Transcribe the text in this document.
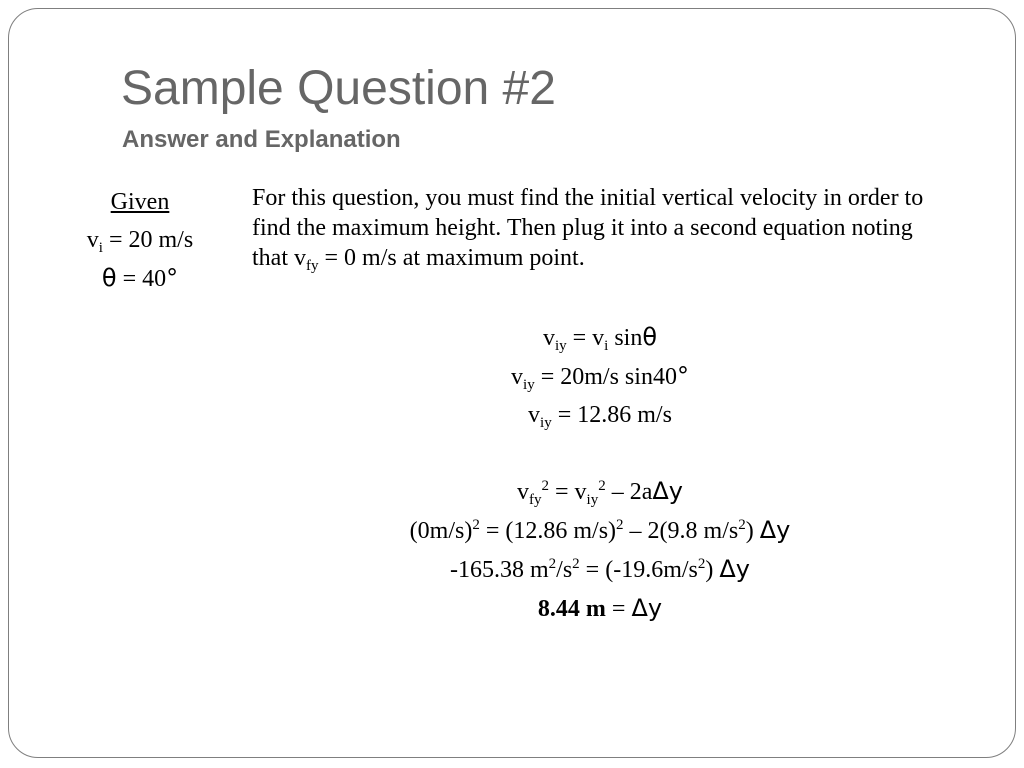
Sample Question #2
Answer and Explanation
Given
$v_i = 20$ m/s
θ = 40°

For this question, you must find the initial vertical velocity in order to find the maximum height. Then plug it into a second equation noting that $v_{fy} = 0$ m/s at maximum point.

$v_{iy} = v_i$ sinθ
$v_{iy} = 20m/s$ sin40°
$v_{iy} = 12.86$ m/s
$v_{fy}^2 = v_{iy}^2 - 2a\Delta y$
$(0m/s)^2 = (12.86$ m/s)$^2$ – 2(9.8 $m/s^2$) Δy
-165.38 $m^2/s^2 = (-19.6m/s^2)$ Δy
8.44 m = Δy
